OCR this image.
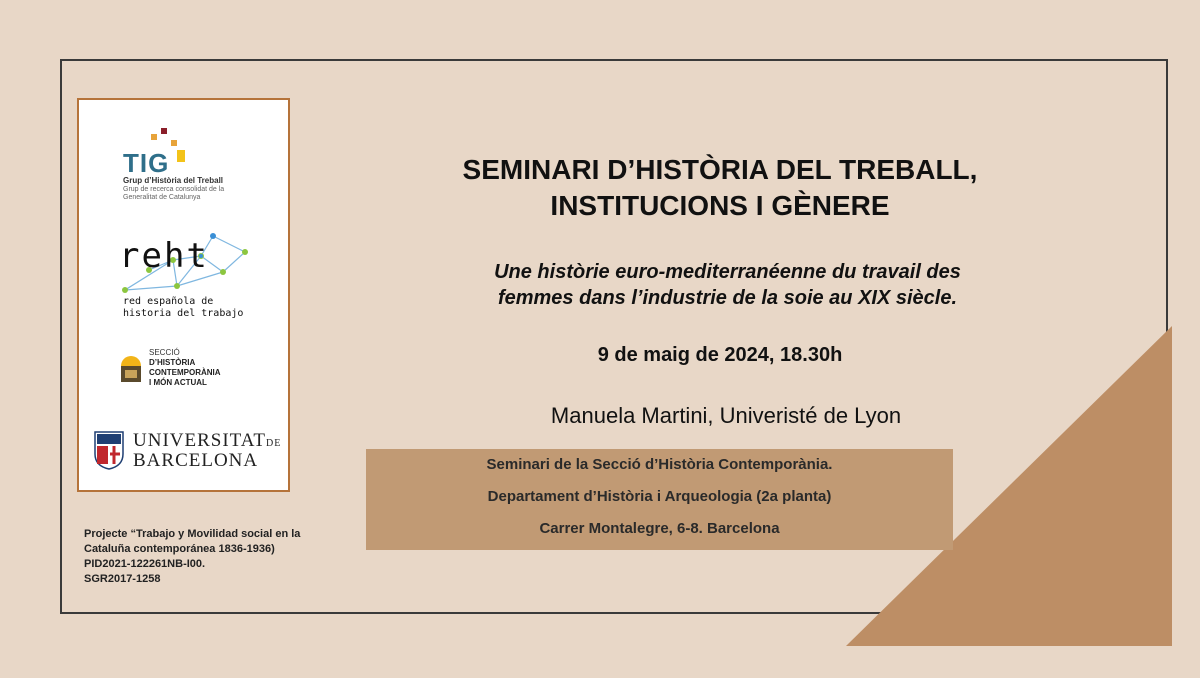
TIG
Grup d’Història del Treball
Grup de recerca consolidat de la Generalitat de Catalunya
reht
red española de
historia del trabajo
SECCIÓ
D’HISTÒRIA
CONTEMPORÀNIA
I MÓN ACTUAL
UNIVERSITATDE
BARCELONA
Projecte “Trabajo y Movilidad social en la
Cataluña contemporánea 1836-1936)
PID2021-122261NB-I00.
SGR2017-1258
SEMINARI D’HISTÒRIA DEL TREBALL,
INSTITUCIONS I GÈNERE
Une històrie euro-mediterranéenne du travail des
femmes dans l’industrie de la soie au XIX siècle.
9 de maig de 2024, 18.30h
Manuela Martini, Univeristé de Lyon
Seminari de la Secció d’Història Contemporània.
Departament d’Història i Arqueologia (2a planta)
Carrer Montalegre, 6-8. Barcelona
